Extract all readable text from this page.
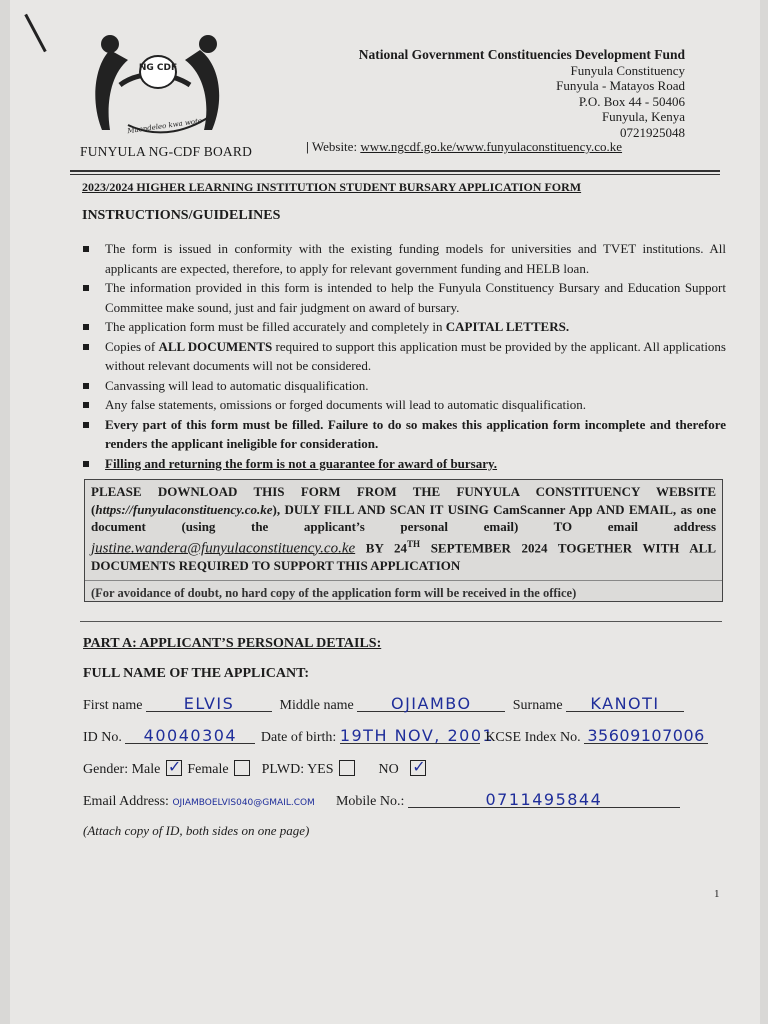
NG CDF
Maendeleo kwa wote
FUNYULA NG-CDF BOARD
National Government Constituencies Development Fund
Funyula Constituency
Funyula - Matayos Road
P.O. Box 44 - 50406
Funyula, Kenya
0721925048
| Website: www.ngcdf.go.ke/www.funyulaconstituency.co.ke
2023/2024 HIGHER LEARNING INSTITUTION STUDENT BURSARY APPLICATION FORM
INSTRUCTIONS/GUIDELINES
The form is issued in conformity with the existing funding models for universities and TVET institutions. All applicants are expected, therefore, to apply for relevant government funding and HELB loan.
The information provided in this form is intended to help the Funyula Constituency Bursary and Education Support Committee make sound, just and fair judgment on award of bursary.
The application form must be filled accurately and completely in CAPITAL LETTERS.
Copies of ALL DOCUMENTS required to support this application must be provided by the applicant. All applications without relevant documents will not be considered.
Canvassing will lead to automatic disqualification.
Any false statements, omissions or forged documents will lead to automatic disqualification.
Every part of this form must be filled. Failure to do so makes this application form incomplete and therefore renders the applicant ineligible for consideration.
Filling and returning the form is not a guarantee for award of bursary.
PLEASE DOWNLOAD THIS FORM FROM THE FUNYULA CONSTITUENCY WEBSITE (https://funyulaconstituency.co.ke), DULY FILL AND SCAN IT USING CamScanner App AND EMAIL, as one document (using the applicant’s personal email) TO email address justine.wandera@funyulaconstituency.co.ke BY 24TH SEPTEMBER 2024 TOGETHER WITH ALL DOCUMENTS REQUIRED TO SUPPORT THIS APPLICATION
(For avoidance of doubt, no hard copy of the application form will be received in the office)
PART A: APPLICANT’S PERSONAL DETAILS:
FULL NAME OF THE APPLICANT:
First name	ELVIS	Middle name OJIAMBO	Surname KANOTI
ID No. 40040304 Date of birth: 19TH NOV, 2001 KCSE Index No. 35609107006
Gender: Male ✓ Female PLWD: YES	NO ✓
Email Address: OJIAMBOELVIS040@GMAIL.COM Mobile No.:	0711495844
(Attach copy of ID, both sides on one page)
1
